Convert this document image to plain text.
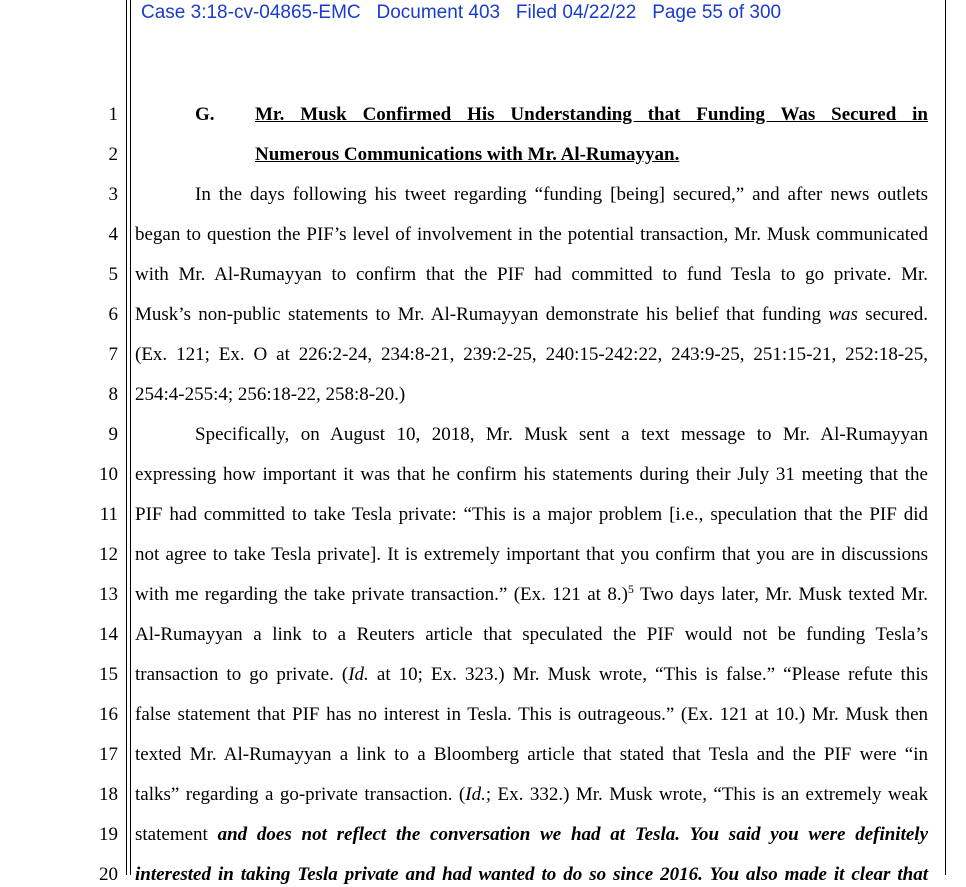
Case 3:18-cv-04865-EMC Document 403 Filed 04/22/22 Page 55 of 300
1
2
3
4
5
6
7
8
9
10
11
12
13
14
15
16
17
18
19
20
G. Mr. Musk Confirmed His Understanding that Funding Was Secured in
Numerous Communications with Mr. Al-Rumayyan.
In the days following his tweet regarding “funding [being] secured,” and after news outlets
began to question the PIF’s level of involvement in the potential transaction, Mr. Musk communicated
with Mr. Al-Rumayyan to confirm that the PIF had committed to fund Tesla to go private. Mr.
Musk’s non-public statements to Mr. Al-Rumayyan demonstrate his belief that funding was secured.
(Ex. 121; Ex. O at 226:2-24, 234:8-21, 239:2-25, 240:15-242:22, 243:9-25, 251:15-21, 252:18-25,
254:4-255:4; 256:18-22, 258:8-20.)
Specifically, on August 10, 2018, Mr. Musk sent a text message to Mr. Al-Rumayyan
expressing how important it was that he confirm his statements during their July 31 meeting that the
PIF had committed to take Tesla private: “This is a major problem [i.e., speculation that the PIF did
not agree to take Tesla private]. It is extremely important that you confirm that you are in discussions
with me regarding the take private transaction.” (Ex. 121 at 8.)$^5$ Two days later, Mr. Musk texted Mr.
Al-Rumayyan a link to a Reuters article that speculated the PIF would not be funding Tesla’s
transaction to go private. (Id. at 10; Ex. 323.) Mr. Musk wrote, “This is false.” “Please refute this
false statement that PIF has no interest in Tesla. This is outrageous.” (Ex. 121 at 10.) Mr. Musk then
texted Mr. Al-Rumayyan a link to a Bloomberg article that stated that Tesla and the PIF were “in
talks” regarding a go-private transaction. (Id.; Ex. 332.) Mr. Musk wrote, “This is an extremely weak
statement and does not reflect the conversation we had at Tesla. You said you were definitely
interested in taking Tesla private and had wanted to do so since 2016. You also made it clear that
